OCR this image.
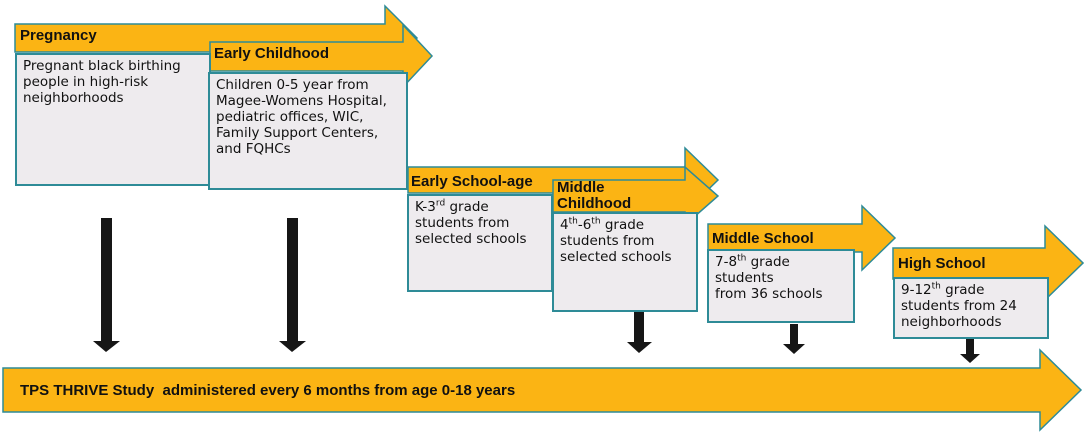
Pregnancy
Pregnant black birthing
people in high-risk
neighborhoods
Early Childhood
Children 0-5 year from
Magee-Womens Hospital,
pediatric offices, WIC,
Family Support Centers,
and FQHCs
Early School-age
K-3rd grade
students from
selected schools
Middle
Childhood
4th-6th grade
students from
selected schools
Middle School
7-8th grade students
from 36 schools
High School
9-12th grade
students from 24
neighborhoods
TPS THRIVE Study  administered every 6 months from age 0-18 years
